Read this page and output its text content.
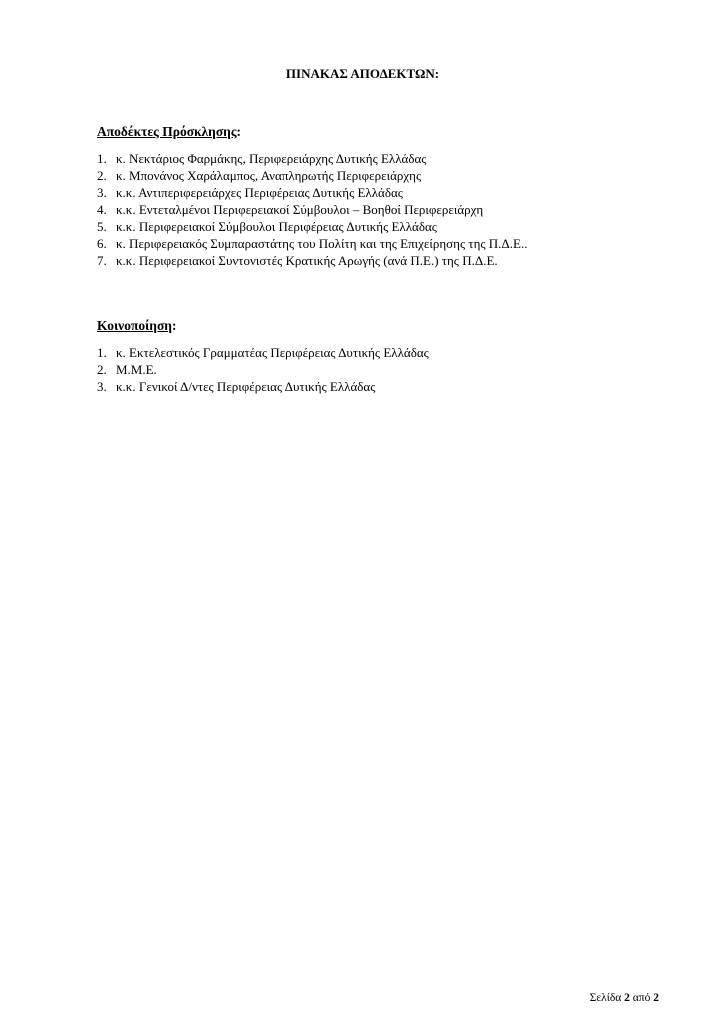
ΠΙΝΑΚΑΣ ΑΠΟΔΕΚΤΩΝ:
Αποδέκτες Πρόσκλησης:
1. κ. Νεκτάριος Φαρμάκης, Περιφερειάρχης Δυτικής Ελλάδας
2. κ. Μπονάνος Χαράλαμπος, Αναπληρωτής Περιφερειάρχης
3. κ.κ. Αντιπεριφερειάρχες Περιφέρειας Δυτικής Ελλάδας
4. κ.κ. Εντεταλμένοι Περιφερειακοί Σύμβουλοι – Βοηθοί Περιφερειάρχη
5. κ.κ. Περιφερειακοί Σύμβουλοι Περιφέρειας Δυτικής Ελλάδας
6. κ. Περιφερειακός Συμπαραστάτης του Πολίτη και της Επιχείρησης της Π.Δ.Ε..
7. κ.κ. Περιφερειακοί Συντονιστές Κρατικής Αρωγής (ανά Π.Ε.) της Π.Δ.Ε.
Κοινοποίηση:
1. κ. Εκτελεστικός Γραμματέας Περιφέρειας Δυτικής Ελλάδας
2. Μ.Μ.Ε.
3. κ.κ. Γενικοί Δ/ντες Περιφέρειας Δυτικής Ελλάδας
Σελίδα 2 από 2
